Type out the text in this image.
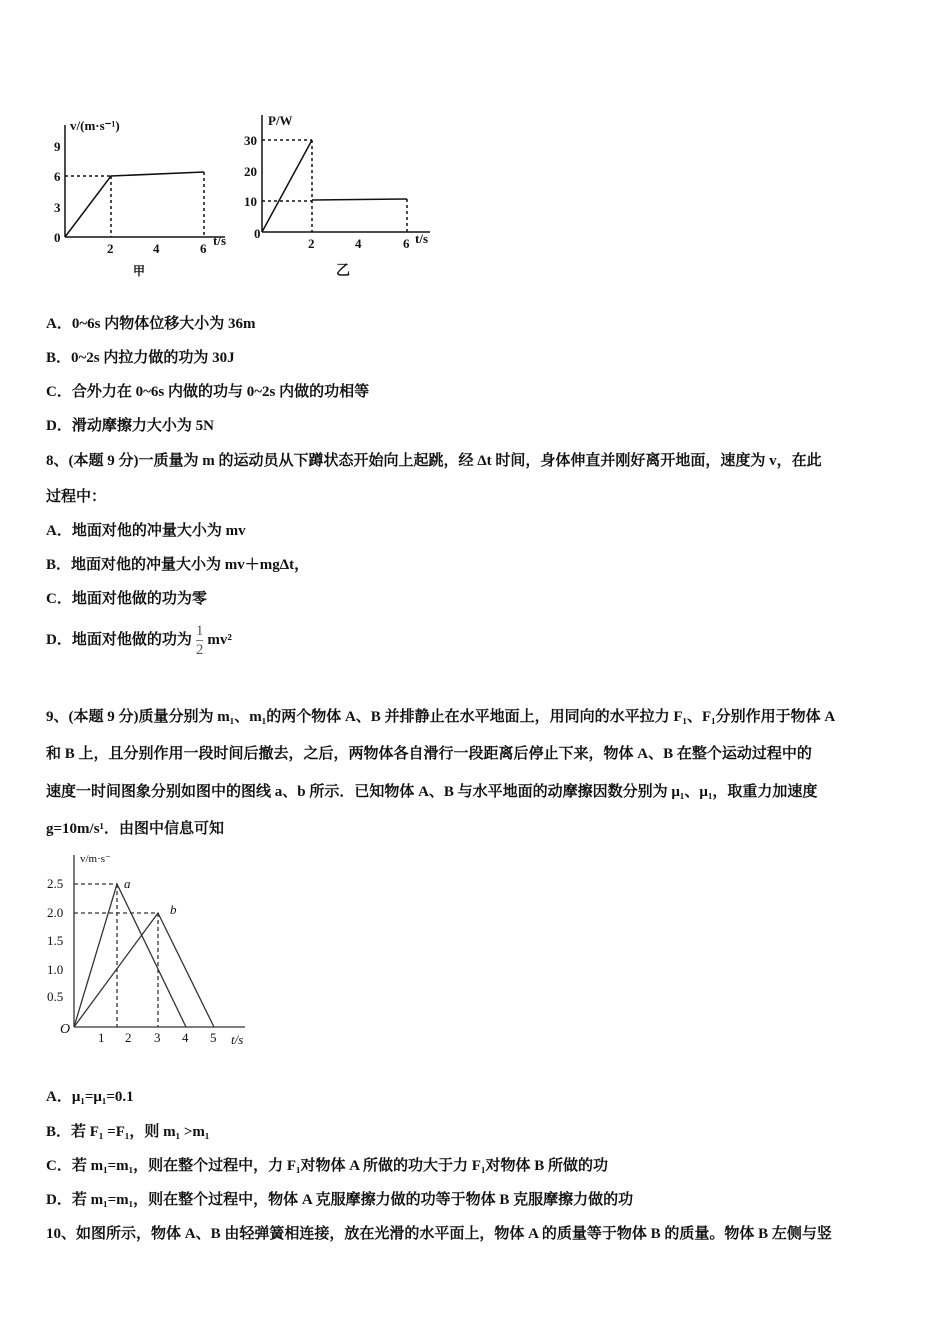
v/(m·s⁻¹)
0
3
6
9
2	4	6
t/s
甲
P/W
0
10
20
30
2	4	6 t/s
乙
A．0~6s 内物体位移大小为 36m
B．0~2s 内拉力做的功为 30J
C．合外力在 0~6s 内做的功与 0~2s 内做的功相等
D．滑动摩擦力大小为 5N
8、(本题 9 分)一质量为 m 的运动员从下蹲状态开始向上起跳，经 Δt 时间，身体伸直并刚好离开地面，速度为 v，在此
过程中：
A．地面对他的冲量大小为 mv
B．地面对他的冲量大小为 mv＋mgΔt，
C．地面对他做的功为零
D．地面对他做的功为 $\frac{1}{2} mv^2$
9、(本题 9 分)质量分别为 m₁、m₁的两个物体 A、B 并排静止在水平地面上，用同向的水平拉力 F₁、F₁分别作用于物体 A
和 B 上，且分别作用一段时间后撤去，之后，两物体各自滑行一段距离后停止下来，物体 A、B 在整个运动过程中的
速度一时间图象分别如图中的图线 a、b 所示．已知物体 A、B 与水平地面的动摩擦因数分别为 μ₁、μ₁，取重力加速度
g=10m/s¹．由图中信息可知
v/m·s⁻
O
0.5
1.0
1.5
2.0
2.5
1 2 3 4 5 t/s
a
b
A．μ₁=μ₁=0.1
B．若 F₁ =F₁，则 m₁ >m₁
C．若 m₁=m₁，则在整个过程中，力 F₁对物体 A 所做的功大于力 F₁对物体 B 所做的功
D．若 m₁=m₁，则在整个过程中，物体 A 克服摩擦力做的功等于物体 B 克服摩擦力做的功
10、如图所示，物体 A、B 由轻弹簧相连接，放在光滑的水平面上，物体 A 的质量等于物体 B 的质量。物体 B 左侧与竖
